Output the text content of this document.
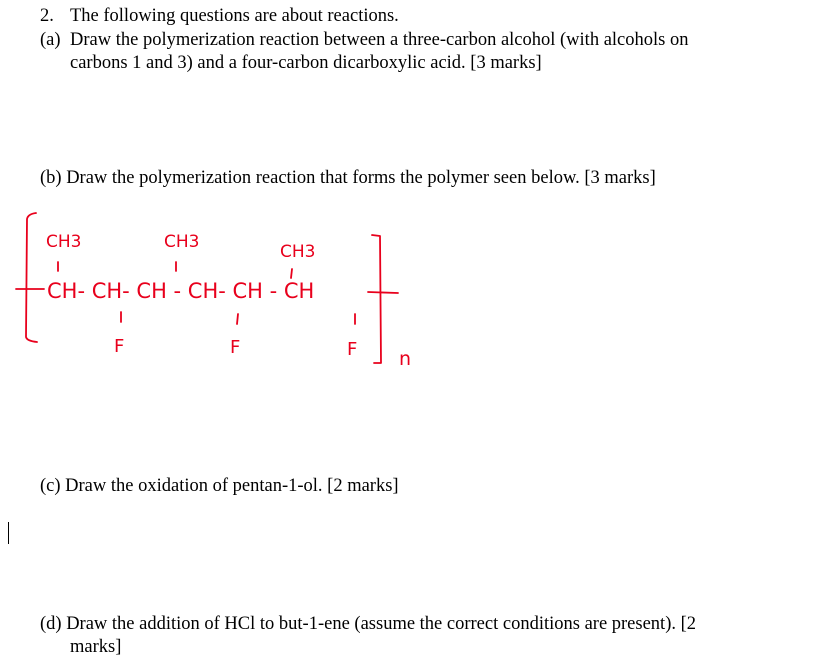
2. The following questions are about reactions.
(a) Draw the polymerization reaction between a three-carbon alcohol (with alcohols on
carbons 1 and 3) and a four-carbon dicarboxylic acid. [3 marks]
(b) Draw the polymerization reaction that forms the polymer seen below. [3 marks]
CH3	CH3	CH3
CH- CH- CH - CH- CH - CH
F	F	F n
(c) Draw the oxidation of pentan-1-ol. [2 marks]
(d) Draw the addition of HCl to but-1-ene (assume the correct conditions are present). [2
marks]
